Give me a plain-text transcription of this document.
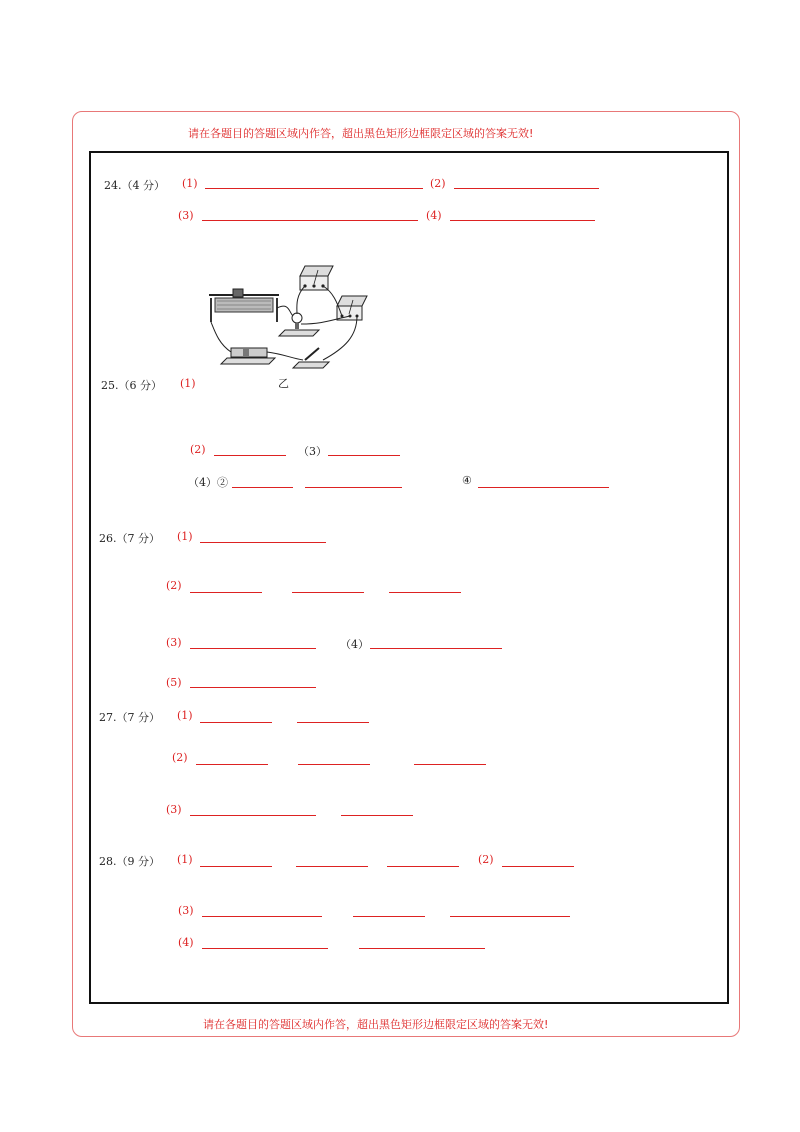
请在各题目的答题区域内作答，超出黑色矩形边框限定区域的答案无效!
请在各题目的答题区域内作答，超出黑色矩形边框限定区域的答案无效!
24.（4 分） (1)	(2)
(3)	(4)
25.（6 分） (1)	乙
(2)	（3）
（4）②	④
26.（7 分） (1)
(2)
(3)	（4）
(5)
27.（7 分） (1)
(2)
(3)
28.（9 分） (1)	(2)
(3)
(4)
